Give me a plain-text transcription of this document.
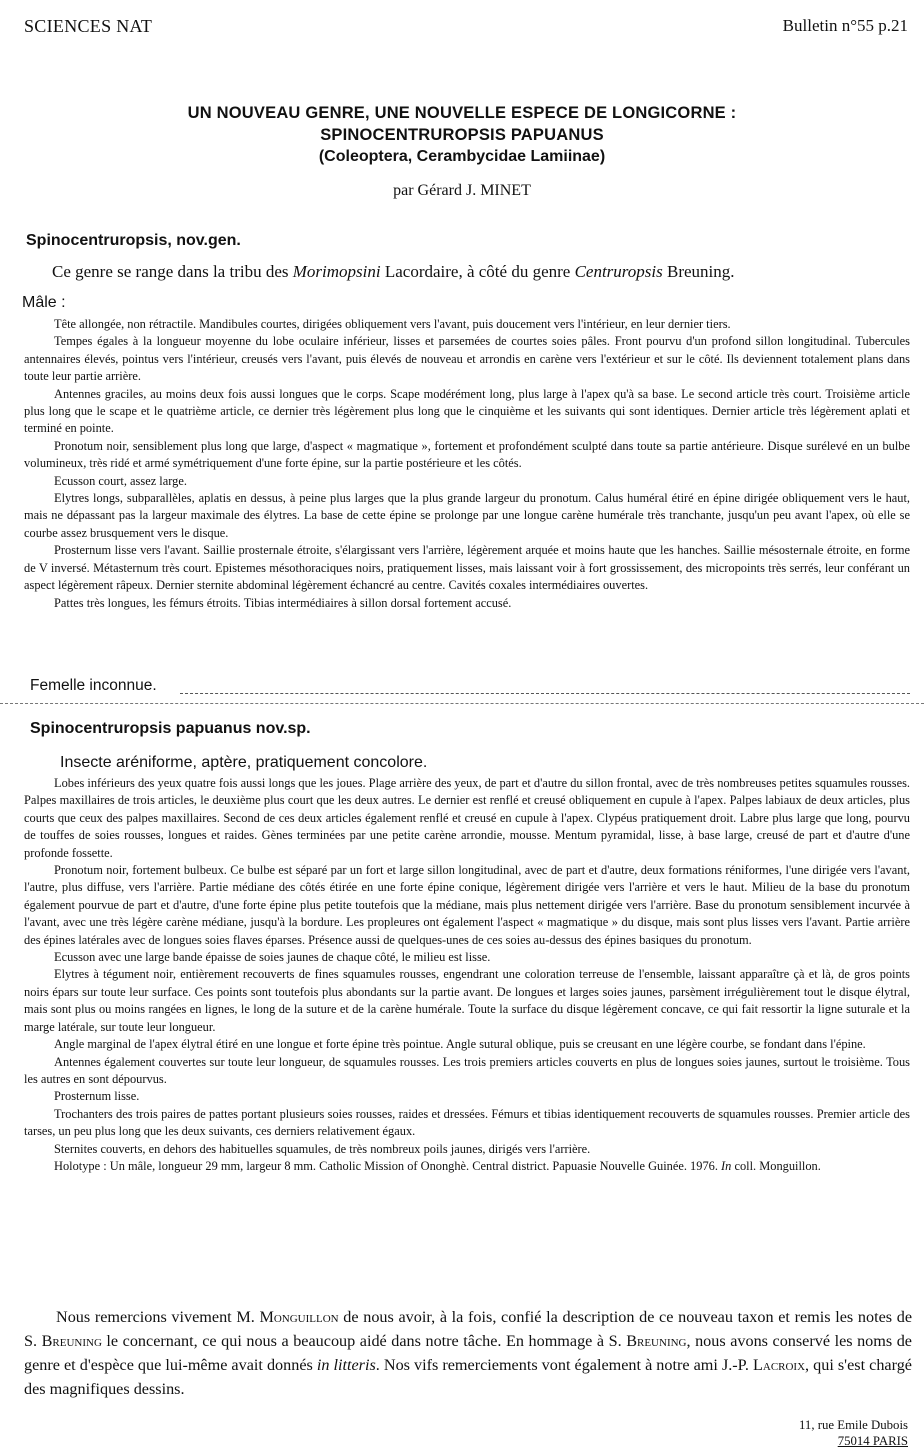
SCIENCES NAT	Bulletin n°55 p.21
UN NOUVEAU GENRE, UNE NOUVELLE ESPECE DE LONGICORNE :
SPINOCENTRUROPSIS PAPUANUS
(Coleoptera, Cerambycidae Lamiinae)
par Gérard J. MINET
Spinocentruropsis, nov.gen.
Ce genre se range dans la tribu des Morimopsini Lacordaire, à côté du genre Centruropsis Breuning.
Mâle :

Tête allongée, non rétractile. Mandibules courtes, dirigées obliquement vers l'avant, puis doucement vers l'intérieur, en leur dernier tiers.

Tempes égales à la longueur moyenne du lobe oculaire inférieur, lisses et parsemées de courtes soies pâles. Front pourvu d'un profond sillon longitudinal. Tubercules antennaires élevés, pointus vers l'intérieur, creusés vers l'avant, puis élevés de nouveau et arrondis en carène vers l'extérieur et sur le côté. Ils deviennent totalement plans dans toute leur partie arrière.

Antennes graciles, au moins deux fois aussi longues que le corps. Scape modérément long, plus large à l'apex qu'à sa base. Le second article très court. Troisième article plus long que le scape et le quatrième article, ce dernier très légèrement plus long que le cinquième et les suivants qui sont identiques. Dernier article très légèrement aplati et terminé en pointe.

Pronotum noir, sensiblement plus long que large, d'aspect « magmatique », fortement et profondément sculpté dans toute sa partie antérieure. Disque surélevé en un bulbe volumineux, très ridé et armé symétriquement d'une forte épine, sur la partie postérieure et les côtés.

Ecusson court, assez large.

Elytres longs, subparallèles, aplatis en dessus, à peine plus larges que la plus grande largeur du pronotum. Calus huméral étiré en épine dirigée obliquement vers le haut, mais ne dépassant pas la largeur maximale des élytres. La base de cette épine se prolonge par une longue carène humérale très tranchante, jusqu'un peu avant l'apex, où elle se courbe assez brusquement vers le disque.

Prosternum lisse vers l'avant. Saillie prosternale étroite, s'élargissant vers l'arrière, légèrement arquée et moins haute que les hanches. Saillie mésosternale étroite, en forme de V inversé. Métasternum très court. Epistemes mésothoraciques noirs, pratiquement lisses, mais laissant voir à fort grossissement, des micropoints très serrés, leur conférant un aspect légèrement râpeux. Dernier sternite abdominal légèrement échancré au centre. Cavités coxales intermédiaires ouvertes.

Pattes très longues, les fémurs étroits. Tibias intermédiaires à sillon dorsal fortement accusé.

Femelle inconnue.
Spinocentruropsis papuanus nov.sp.
Insecte aréniforme, aptère, pratiquement concolore.

Lobes inférieurs des yeux quatre fois aussi longs que les joues. Plage arrière des yeux, de part et d'autre du sillon frontal, avec de très nombreuses petites squamules rousses. Palpes maxillaires de trois articles, le deuxième plus court que les deux autres. Le dernier est renflé et creusé obliquement en cupule à l'apex. Palpes labiaux de deux articles, plus courts que ceux des palpes maxillaires. Second de ces deux articles également renflé et creusé en cupule à l'apex. Clypéus pratiquement droit. Labre plus large que long, pourvu de touffes de soies rousses, longues et raides. Gènes terminées par une petite carène arrondie, mousse. Mentum pyramidal, lisse, à base large, creusé de part et d'autre d'une profonde fossette.

Pronotum noir, fortement bulbeux. Ce bulbe est séparé par un fort et large sillon longitudinal, avec de part et d'autre, deux formations réniformes, l'une dirigée vers l'avant, l'autre, plus diffuse, vers l'arrière. Partie médiane des côtés étirée en une forte épine conique, légèrement dirigée vers l'arrière et vers le haut. Milieu de la base du pronotum également pourvue de part et d'autre, d'une forte épine plus petite toutefois que la médiane, mais plus nettement dirigée vers l'arrière. Base du pronotum sensiblement incurvée à l'avant, avec une très légère carène médiane, jusqu'à la bordure. Les propleures ont également l'aspect « magmatique » du disque, mais sont plus lisses vers l'avant. Partie arrière des épines latérales avec de longues soies flaves éparses. Présence aussi de quelques-unes de ces soies au-dessus des épines basiques du pronotum.

Ecusson avec une large bande épaisse de soies jaunes de chaque côté, le milieu est lisse.

Elytres à tégument noir, entièrement recouverts de fines squamules rousses, engendrant une coloration terreuse de l'ensemble, laissant apparaître çà et là, de gros points noirs épars sur toute leur surface. Ces points sont toutefois plus abondants sur la partie avant. De longues et larges soies jaunes, parsèment irrégulièrement tout le disque élytral, mais sont plus ou moins rangées en lignes, le long de la suture et de la carène humérale. Toute la surface du disque légèrement concave, ce qui fait ressortir la ligne suturale et la marge latérale, sur toute leur longueur.

Angle marginal de l'apex élytral étiré en une longue et forte épine très pointue. Angle sutural oblique, puis se creusant en une légère courbe, se fondant dans l'épine.

Antennes également couvertes sur toute leur longueur, de squamules rousses. Les trois premiers articles couverts en plus de longues soies jaunes, surtout le troisième. Tous les autres en sont dépourvus.

Prosternum lisse.

Trochanters des trois paires de pattes portant plusieurs soies rousses, raides et dressées. Fémurs et tibias identiquement recouverts de squamules rousses. Premier article des tarses, un peu plus long que les deux suivants, ces derniers relativement égaux.

Sternites couverts, en dehors des habituelles squamules, de très nombreux poils jaunes, dirigés vers l'arrière.

Holotype : Un mâle, longueur 29 mm, largeur 8 mm. Catholic Mission of Ononghè. Central district. Papuasie Nouvelle Guinée. 1976. In coll. Monguillon.

Nous remercions vivement M. Monguillon de nous avoir, à la fois, confié la description de ce nouveau taxon et remis les notes de S. Breuning le concernant, ce qui nous a beaucoup aidé dans notre tâche. En hommage à S. Breuning, nous avons conservé les noms de genre et d'espèce que lui-même avait donnés in litteris. Nos vifs remerciements vont également à notre ami J.-P. Lacroix, qui s'est chargé des magnifiques dessins.

11, rue Emile Dubois
75014 PARIS
